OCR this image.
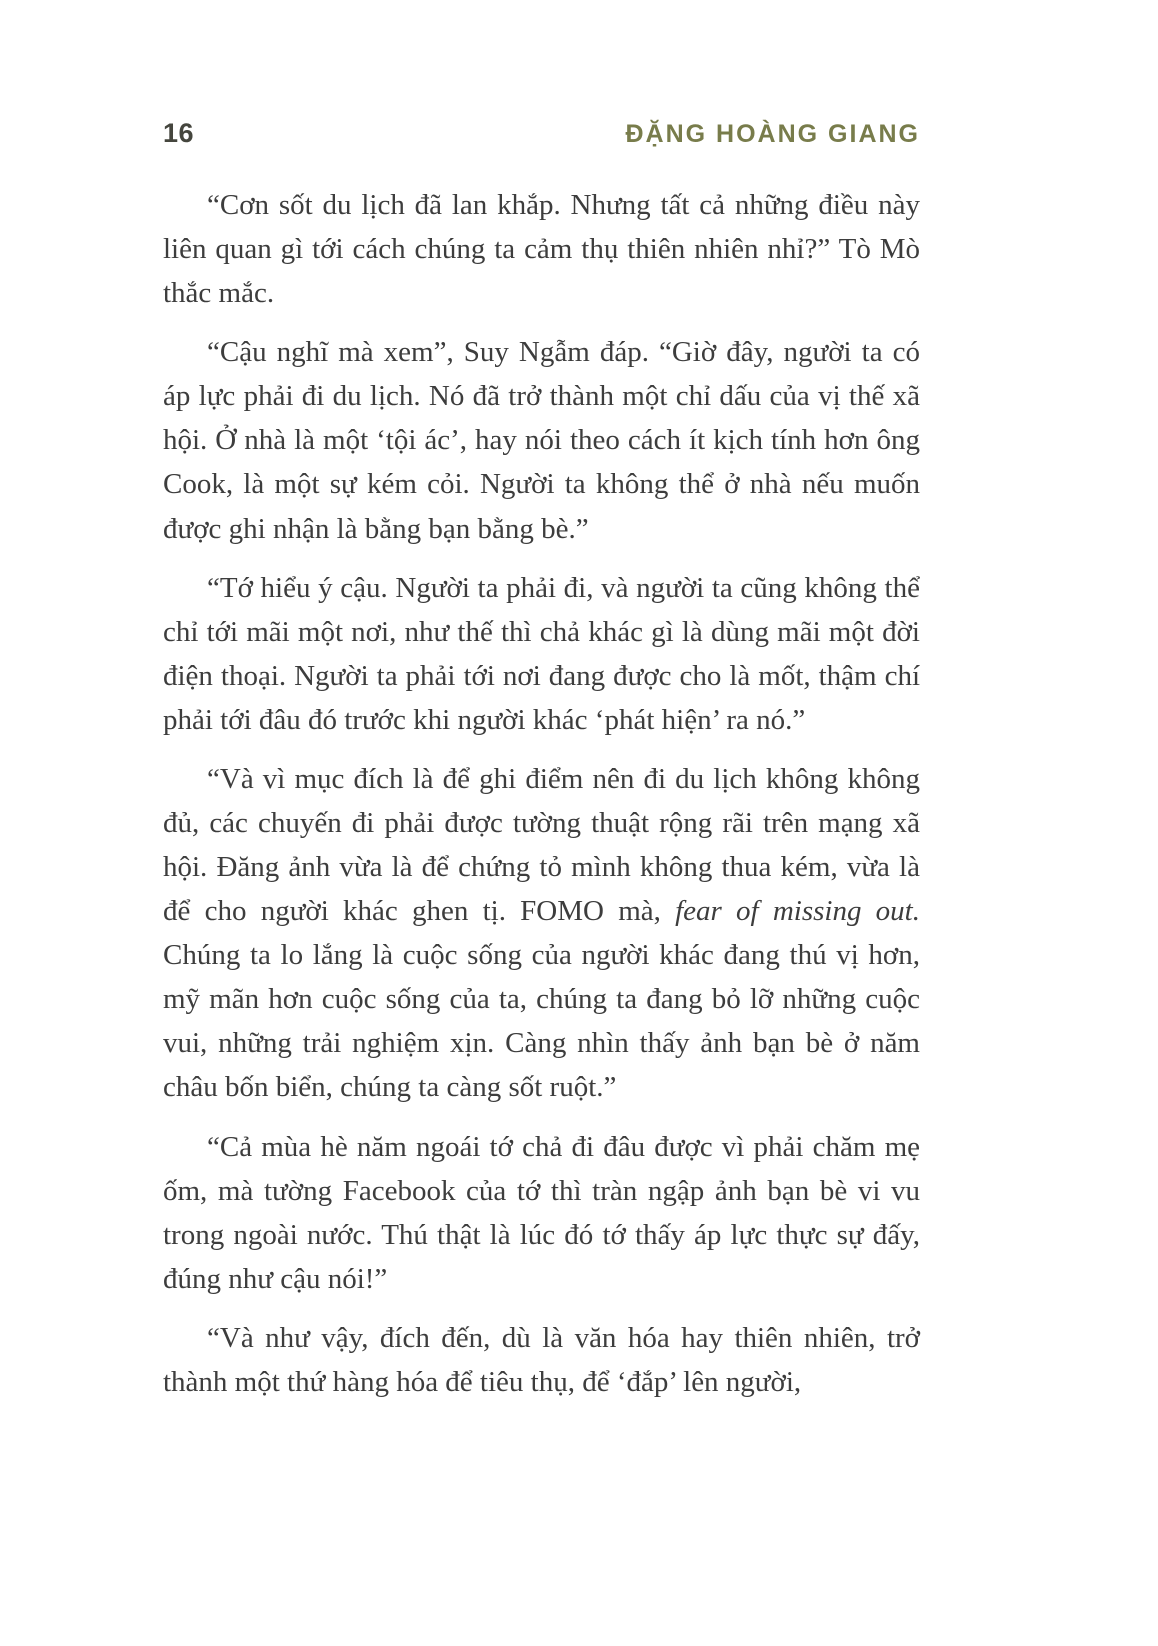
16	ĐẶNG HOÀNG GIANG

“Cơn sốt du lịch đã lan khắp. Nhưng tất cả những điều này liên quan gì tới cách chúng ta cảm thụ thiên nhiên nhỉ?” Tò Mò thắc mắc.

“Cậu nghĩ mà xem”, Suy Ngẫm đáp. “Giờ đây, người ta có áp lực phải đi du lịch. Nó đã trở thành một chỉ dấu của vị thế xã hội. Ở nhà là một ‘tội ác’, hay nói theo cách ít kịch tính hơn ông Cook, là một sự kém cỏi. Người ta không thể ở nhà nếu muốn được ghi nhận là bằng bạn bằng bè.”

“Tớ hiểu ý cậu. Người ta phải đi, và người ta cũng không thể chỉ tới mãi một nơi, như thế thì chả khác gì là dùng mãi một đời điện thoại. Người ta phải tới nơi đang được cho là mốt, thậm chí phải tới đâu đó trước khi người khác ‘phát hiện’ ra nó.”

“Và vì mục đích là để ghi điểm nên đi du lịch không không đủ, các chuyến đi phải được tường thuật rộng rãi trên mạng xã hội. Đăng ảnh vừa là để chứng tỏ mình không thua kém, vừa là để cho người khác ghen tị. FOMO mà, fear of missing out. Chúng ta lo lắng là cuộc sống của người khác đang thú vị hơn, mỹ mãn hơn cuộc sống của ta, chúng ta đang bỏ lỡ những cuộc vui, những trải nghiệm xịn. Càng nhìn thấy ảnh bạn bè ở năm châu bốn biển, chúng ta càng sốt ruột.”

“Cả mùa hè năm ngoái tớ chả đi đâu được vì phải chăm mẹ ốm, mà tường Facebook của tớ thì tràn ngập ảnh bạn bè vi vu trong ngoài nước. Thú thật là lúc đó tớ thấy áp lực thực sự đấy, đúng như cậu nói!”

“Và như vậy, đích đến, dù là văn hóa hay thiên nhiên, trở thành một thứ hàng hóa để tiêu thụ, để ‘đắp’ lên người,
